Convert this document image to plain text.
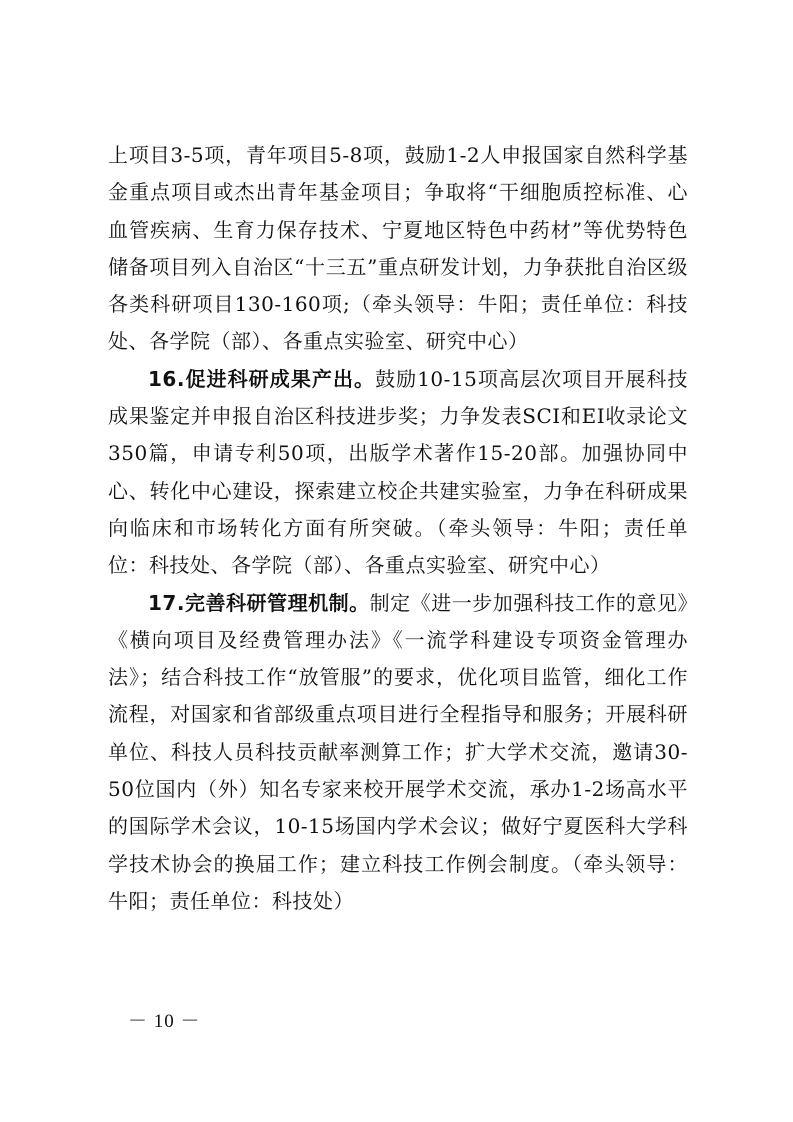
上项目3-5项，青年项目5-8项，鼓励1-2人申报国家自然科学基金重点项目或杰出青年基金项目；争取将“干细胞质控标准、心血管疾病、生育力保存技术、宁夏地区特色中药材”等优势特色储备项目列入自治区“十三五”重点研发计划，力争获批自治区级各类科研项目130-160项;（牵头领导：牛阳；责任单位：科技处、各学院（部）、各重点实验室、研究中心）

16.促进科研成果产出。鼓励10-15项高层次项目开展科技成果鉴定并申报自治区科技进步奖；力争发表SCI和EI收录论文350篇，申请专利50项，出版学术著作15-20部。加强协同中心、转化中心建设，探索建立校企共建实验室，力争在科研成果向临床和市场转化方面有所突破。（牵头领导：牛阳；责任单位：科技处、各学院（部）、各重点实验室、研究中心）

17.完善科研管理机制。制定《进一步加强科技工作的意见》《横向项目及经费管理办法》《一流学科建设专项资金管理办法》；结合科技工作“放管服”的要求，优化项目监管，细化工作流程，对国家和省部级重点项目进行全程指导和服务；开展科研单位、科技人员科技贡献率测算工作；扩大学术交流，邀请30-50位国内（外）知名专家来校开展学术交流，承办1-2场高水平的国际学术会议，10-15场国内学术会议；做好宁夏医科大学科学技术协会的换届工作；建立科技工作例会制度。（牵头领导：牛阳；责任单位：科技处）

－ 10 －
